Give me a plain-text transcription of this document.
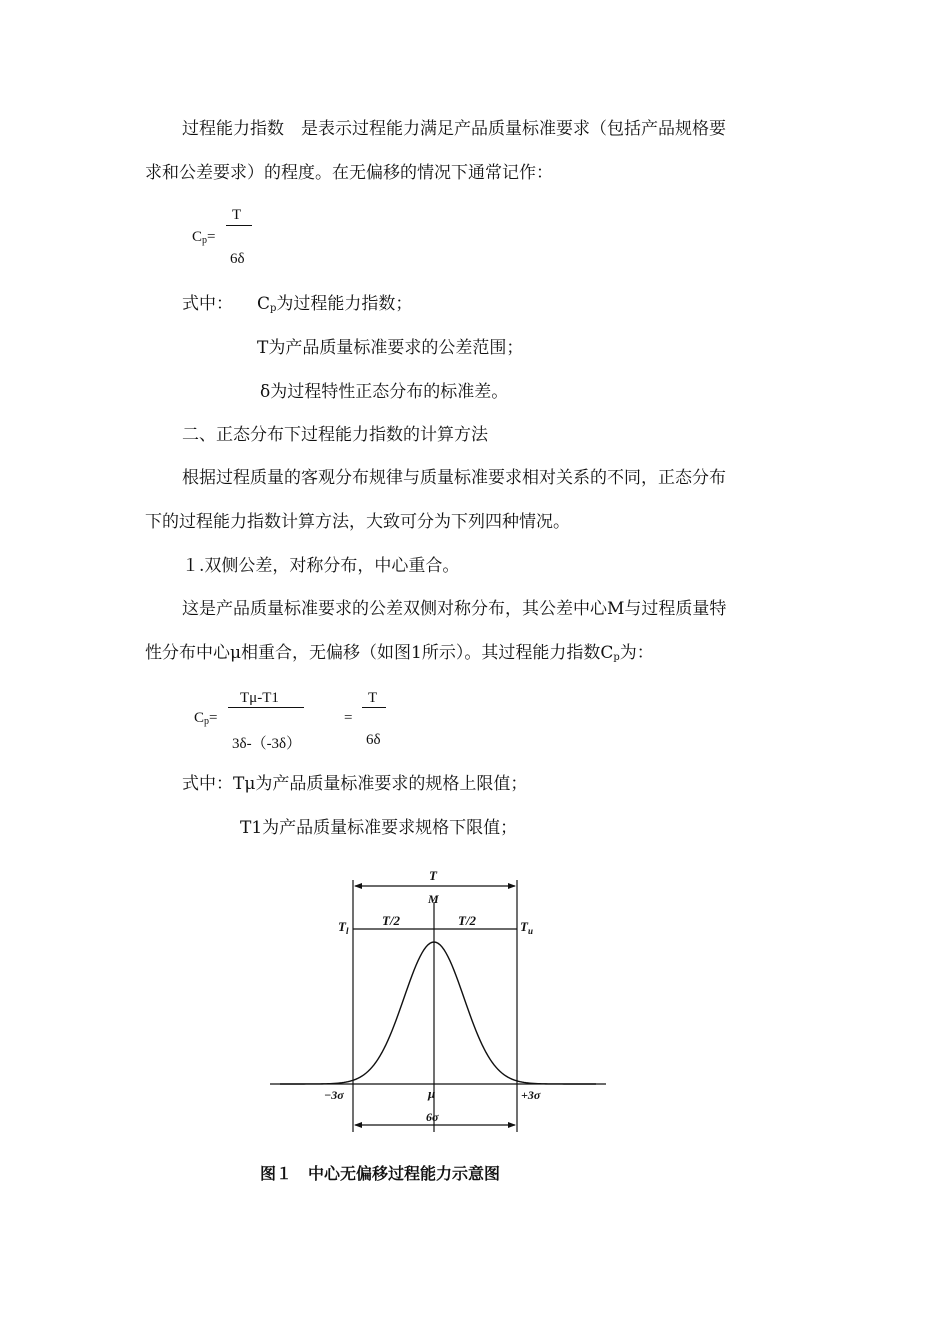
过程能力指数　是表示过程能力满足产品质量标准要求（包括产品规格要
求和公差要求）的程度。在无偏移的情况下通常记作：
$C_p=$
T
6δ
式中： $C_p$为过程能力指数；
T为产品质量标准要求的公差范围；
δ为过程特性正态分布的标准差。
二、正态分布下过程能力指数的计算方法
根据过程质量的客观分布规律与质量标准要求相对关系的不同，正态分布
下的过程能力指数计算方法，大致可分为下列四种情况。
１.双侧公差，对称分布，中心重合。
这是产品质量标准要求的公差双侧对称分布，其公差中心M与过程质量特
性分布中心μ相重合，无偏移（如图1所示）。其过程能力指数$C_p$为：
$C_p=$
Tμ-T1
3δ-（-3δ）
=
T
6δ
式中：Tμ为产品质量标准要求的规格上限值；
T1为产品质量标准要求规格下限值；
T
M
$T_l$	$T_u$
T/2	T/2
−3σ	μ	+3σ
6σ
图１　中心无偏移过程能力示意图
